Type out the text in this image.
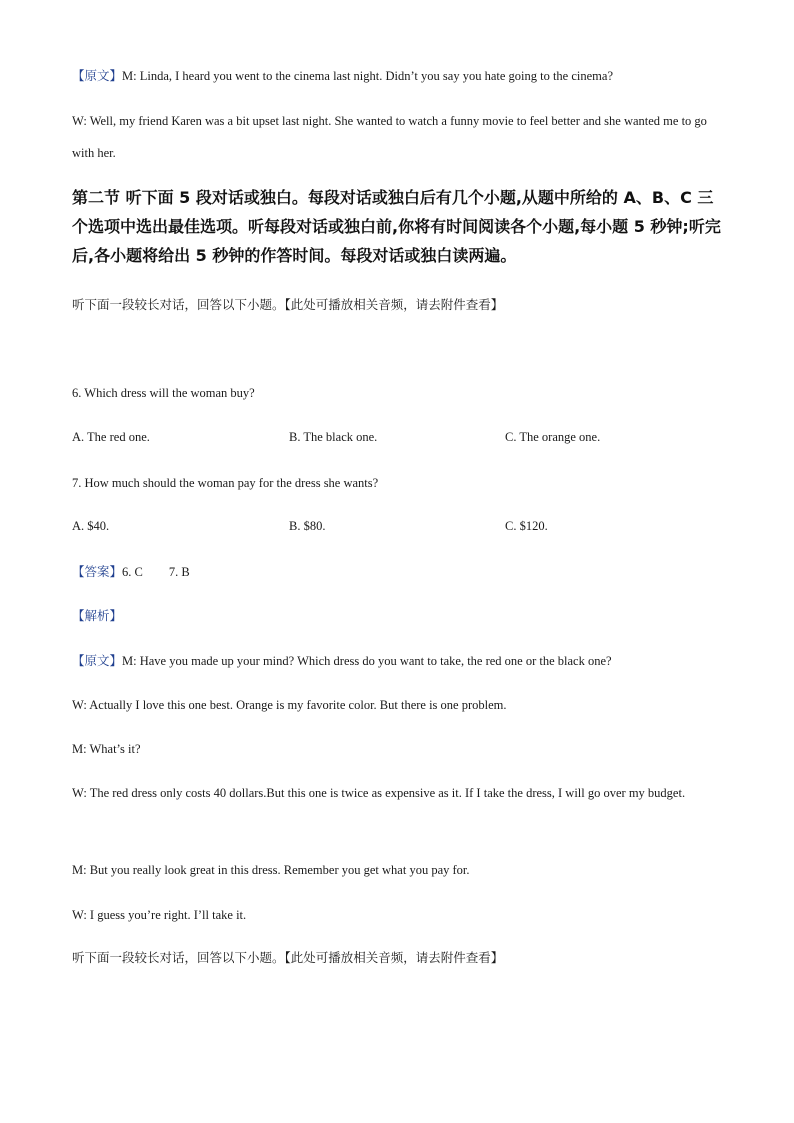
【原文】M: Linda, I heard you went to the cinema last night. Didn’t you say you hate going to the cinema?
W: Well, my friend Karen was a bit upset last night. She wanted to watch a funny movie to feel better and she wanted me to go with her.
第二节 听下面 5 段对话或独白。每段对话或独白后有几个小题,从题中所给的 A、B、C 三个选项中选出最佳选项。听每段对话或独白前,你将有时间阅读各个小题,每小题 5 秒钟;听完后,各小题将给出 5 秒钟的作答时间。每段对话或独白读两遍。
听下面一段较长对话，回答以下小题。【此处可播放相关音频，请去附件查看】
6. Which dress will the woman buy?
A. The red one.	B. The black one.	C. The orange one.
7. How much should the woman pay for the dress she wants?
A. $40.	B. $80.	C. $120.
【答案】6. C 7. B
【解析】
【原文】M: Have you made up your mind? Which dress do you want to take, the red one or the black one?
W: Actually I love this one best. Orange is my favorite color. But there is one problem.
M: What’s it?
W: The red dress only costs 40 dollars.But this one is twice as expensive as it. If I take the dress, I will go over my budget.
M: But you really look great in this dress. Remember you get what you pay for.
W: I guess you’re right. I’ll take it.
听下面一段较长对话，回答以下小题。【此处可播放相关音频，请去附件查看】
